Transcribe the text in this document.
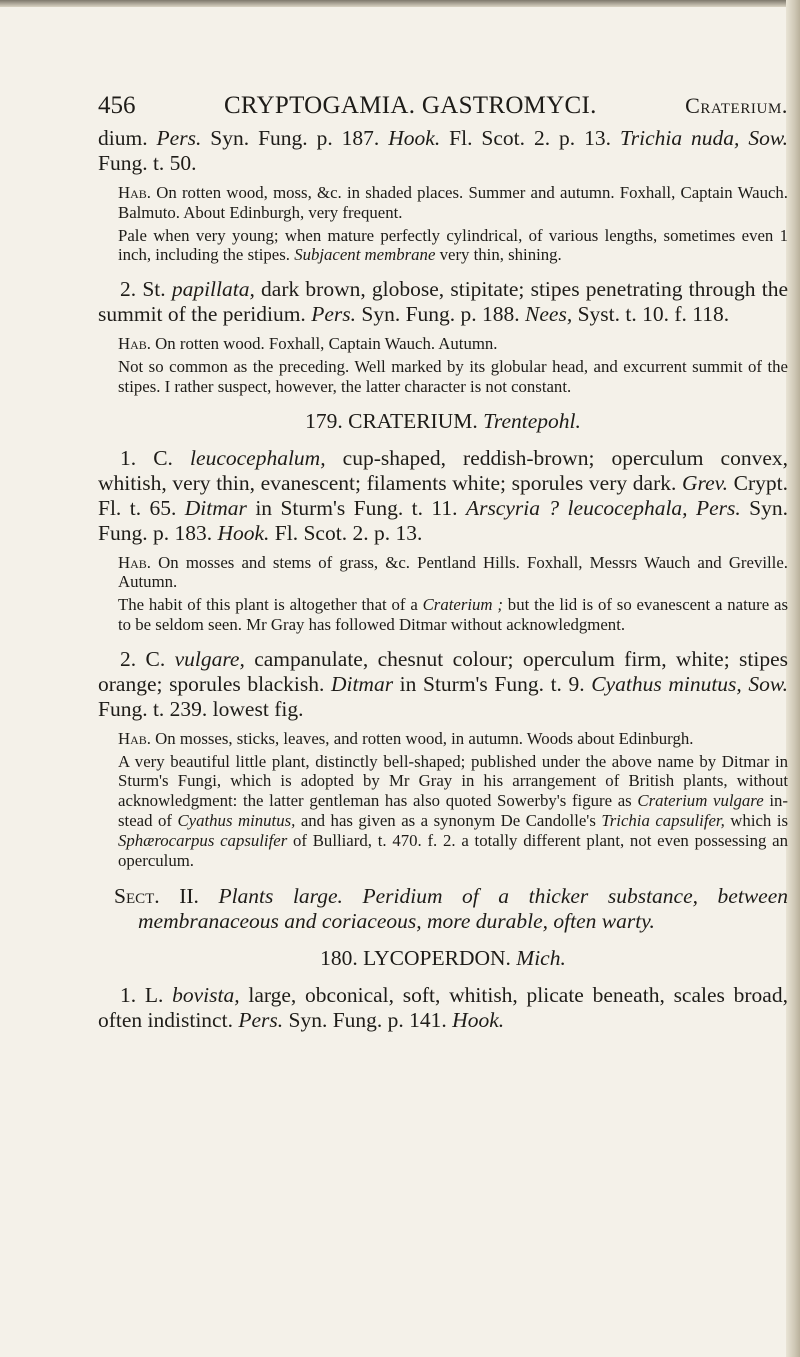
456	CRYPTOGAMIA. GASTROMYCI.	Craterium.

dium. Pers. Syn. Fung. p. 187. Hook. Fl. Scot. 2. p. 13. Trichia nuda, Sow. Fung. t. 50.

Hab. On rotten wood, moss, &c. in shaded places. Summer and autumn. Foxhall, Captain Wauch. Balmuto. About Edinburgh, very frequent.

Pale when very young; when mature perfectly cylindrical, of various lengths, sometimes even 1 inch, including the stipes. Subjacent membrane very thin, shining.

2. St. papillata, dark brown, globose, stipitate; stipes penetrating through the summit of the peridium. Pers. Syn. Fung. p. 188. Nees, Syst. t. 10. f. 118.

Hab. On rotten wood. Foxhall, Captain Wauch. Autumn.

Not so common as the preceding. Well marked by its globular head, and excurrent summit of the stipes. I rather suspect, however, the latter character is not constant.

179. CRATERIUM. Trentepohl.

1. C. leucocephalum, cup-shaped, reddish-brown; operculum convex, whitish, very thin, evanescent; filaments white; sporules very dark. Grev. Crypt. Fl. t. 65. Ditmar in Sturm's Fung. t. 11. Arscyria ? leucocephala, Pers. Syn. Fung. p. 183. Hook. Fl. Scot. 2. p. 13.

Hab. On mosses and stems of grass, &c. Pentland Hills. Foxhall, Messrs Wauch and Greville. Autumn.

The habit of this plant is altogether that of a Craterium ; but the lid is of so evanescent a nature as to be seldom seen. Mr Gray has followed Ditmar without acknowledgment.

2. C. vulgare, campanulate, chesnut colour; operculum firm, white; stipes orange; sporules blackish. Ditmar in Sturm's Fung. t. 9. Cyathus minutus, Sow. Fung. t. 239. lowest fig.

Hab. On mosses, sticks, leaves, and rotten wood, in autumn. Woods about Edinburgh.

A very beautiful little plant, distinctly bell-shaped; published under the above name by Ditmar in Sturm's Fungi, which is adopted by Mr Gray in his arrangement of British plants, without acknowledgment: the latter gentleman has also quoted Sowerby's figure as Craterium vulgare instead of Cyathus minutus, and has given as a synonym De Candolle's Trichia capsulifer, which is Sphærocarpus capsulifer of Bulliard, t. 470. f. 2. a totally different plant, not even possessing an operculum.

Sect. II. Plants large. Peridium of a thicker substance, between membranaceous and coriaceous, more durable, often warty.

180. LYCOPERDON. Mich.

1. L. bovista, large, obconical, soft, whitish, plicate beneath, scales broad, often indistinct. Pers. Syn. Fung. p. 141. Hook.
